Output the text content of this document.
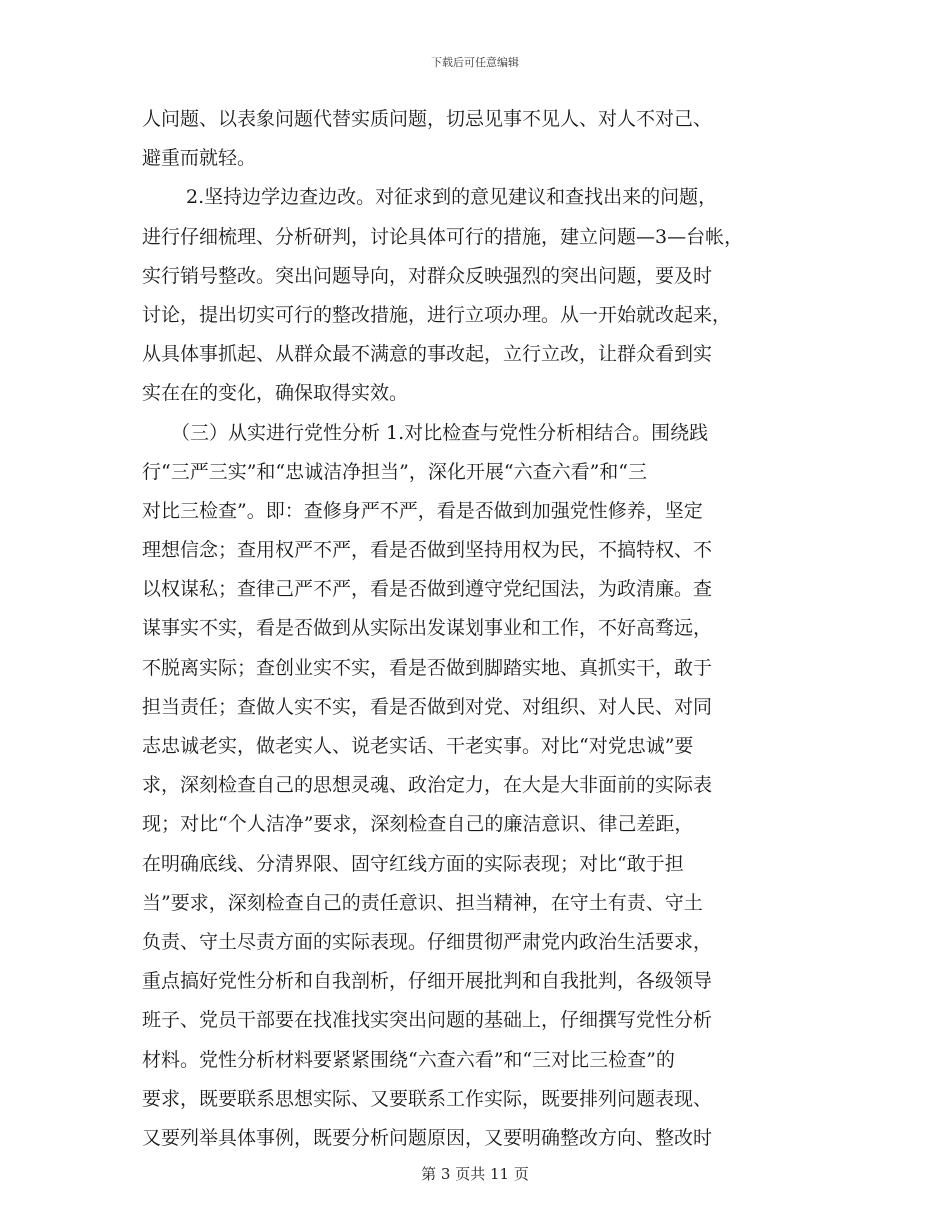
下载后可任意编辑
人问题、以表象问题代替实质问题，切忌见事不见人、对人不对己、
避重而就轻。
2.坚持边学边查边改。对征求到的意见建议和查找出来的问题，
进行仔细梳理、分析研判，讨论具体可行的措施，建立问题—3—台帐，
实行销号整改。突出问题导向，对群众反映强烈的突出问题，要及时
讨论，提出切实可行的整改措施，进行立项办理。从一开始就改起来，
从具体事抓起、从群众最不满意的事改起，立行立改，让群众看到实
实在在的变化，确保取得实效。
（三）从实进行党性分析 1.对比检查与党性分析相结合。围绕践
行“三严三实”和“忠诚洁净担当”，深化开展“六查六看”和“三
对比三检查”。即：查修身严不严，看是否做到加强党性修养，坚定
理想信念；查用权严不严，看是否做到坚持用权为民，不搞特权、不
以权谋私；查律己严不严，看是否做到遵守党纪国法，为政清廉。查
谋事实不实，看是否做到从实际出发谋划事业和工作，不好高骛远，
不脱离实际；查创业实不实，看是否做到脚踏实地、真抓实干，敢于
担当责任；查做人实不实，看是否做到对党、对组织、对人民、对同
志忠诚老实，做老实人、说老实话、干老实事。对比“对党忠诚”要
求，深刻检查自己的思想灵魂、政治定力，在大是大非面前的实际表
现；对比“个人洁净”要求，深刻检查自己的廉洁意识、律己差距，
在明确底线、分清界限、固守红线方面的实际表现；对比“敢于担
当”要求，深刻检查自己的责任意识、担当精神，在守土有责、守土
负责、守土尽责方面的实际表现。仔细贯彻严肃党内政治生活要求，
重点搞好党性分析和自我剖析，仔细开展批判和自我批判，各级领导
班子、党员干部要在找准找实突出问题的基础上，仔细撰写党性分析
材料。党性分析材料要紧紧围绕“六查六看”和“三对比三检查”的
要求，既要联系思想实际、又要联系工作实际，既要排列问题表现、
又要列举具体事例，既要分析问题原因，又要明确整改方向、整改时
第 3 页共 11 页
